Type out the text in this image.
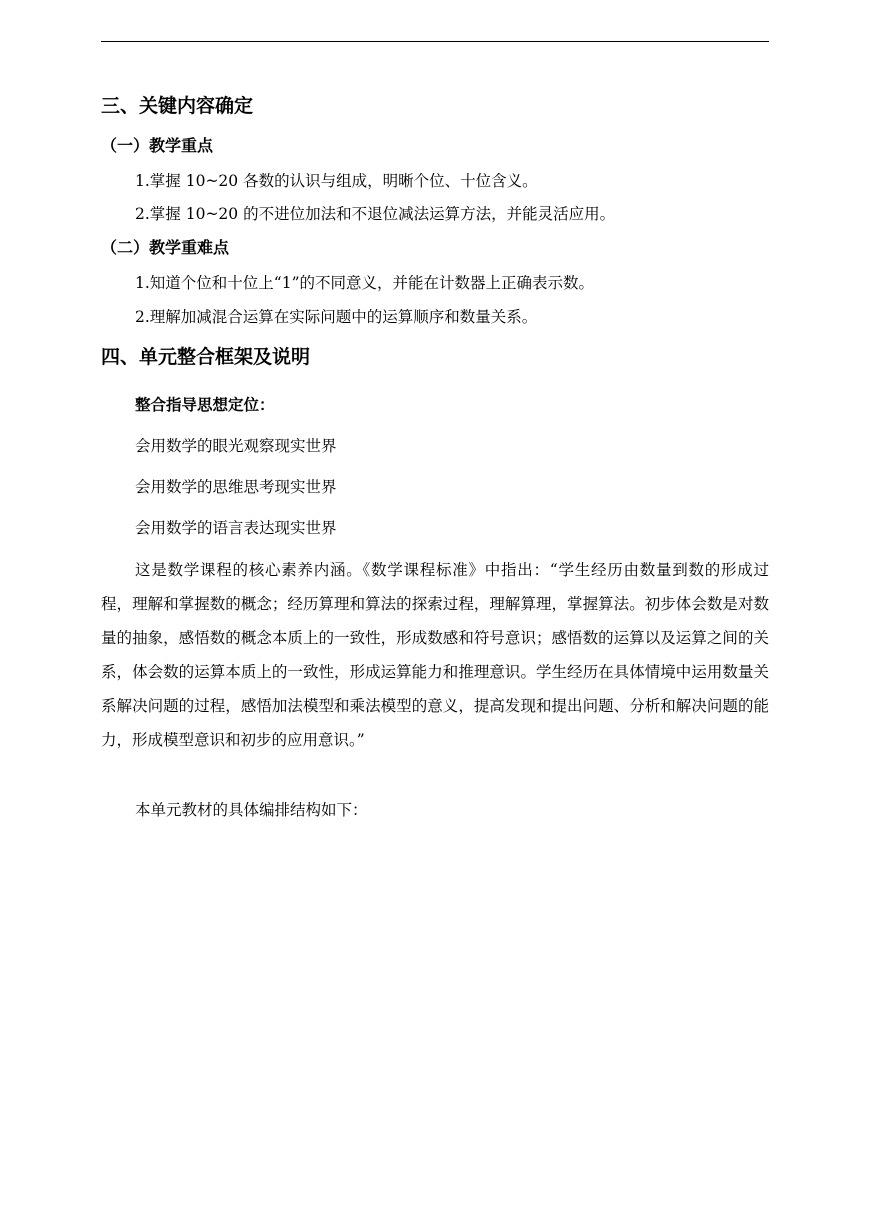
三、关键内容确定
（一）教学重点
1.掌握 10~20 各数的认识与组成，明晰个位、十位含义。
2.掌握 10~20 的不进位加法和不退位减法运算方法，并能灵活应用。
（二）教学重难点
1.知道个位和十位上“1”的不同意义，并能在计数器上正确表示数。
2.理解加减混合运算在实际问题中的运算顺序和数量关系。
四、单元整合框架及说明
整合指导思想定位：
会用数学的眼光观察现实世界
会用数学的思维思考现实世界
会用数学的语言表达现实世界
这是数学课程的核心素养内涵。《数学课程标准》中指出：“学生经历由数量到数的形成过程，理解和掌握数的概念；经历算理和算法的探索过程，理解算理，掌握算法。初步体会数是对数量的抽象，感悟数的概念本质上的一致性，形成数感和符号意识；感悟数的运算以及运算之间的关系，体会数的运算本质上的一致性，形成运算能力和推理意识。学生经历在具体情境中运用数量关系解决问题的过程，感悟加法模型和乘法模型的意义，提高发现和提出问题、分析和解决问题的能力，形成模型意识和初步的应用意识。”
本单元教材的具体编排结构如下：
